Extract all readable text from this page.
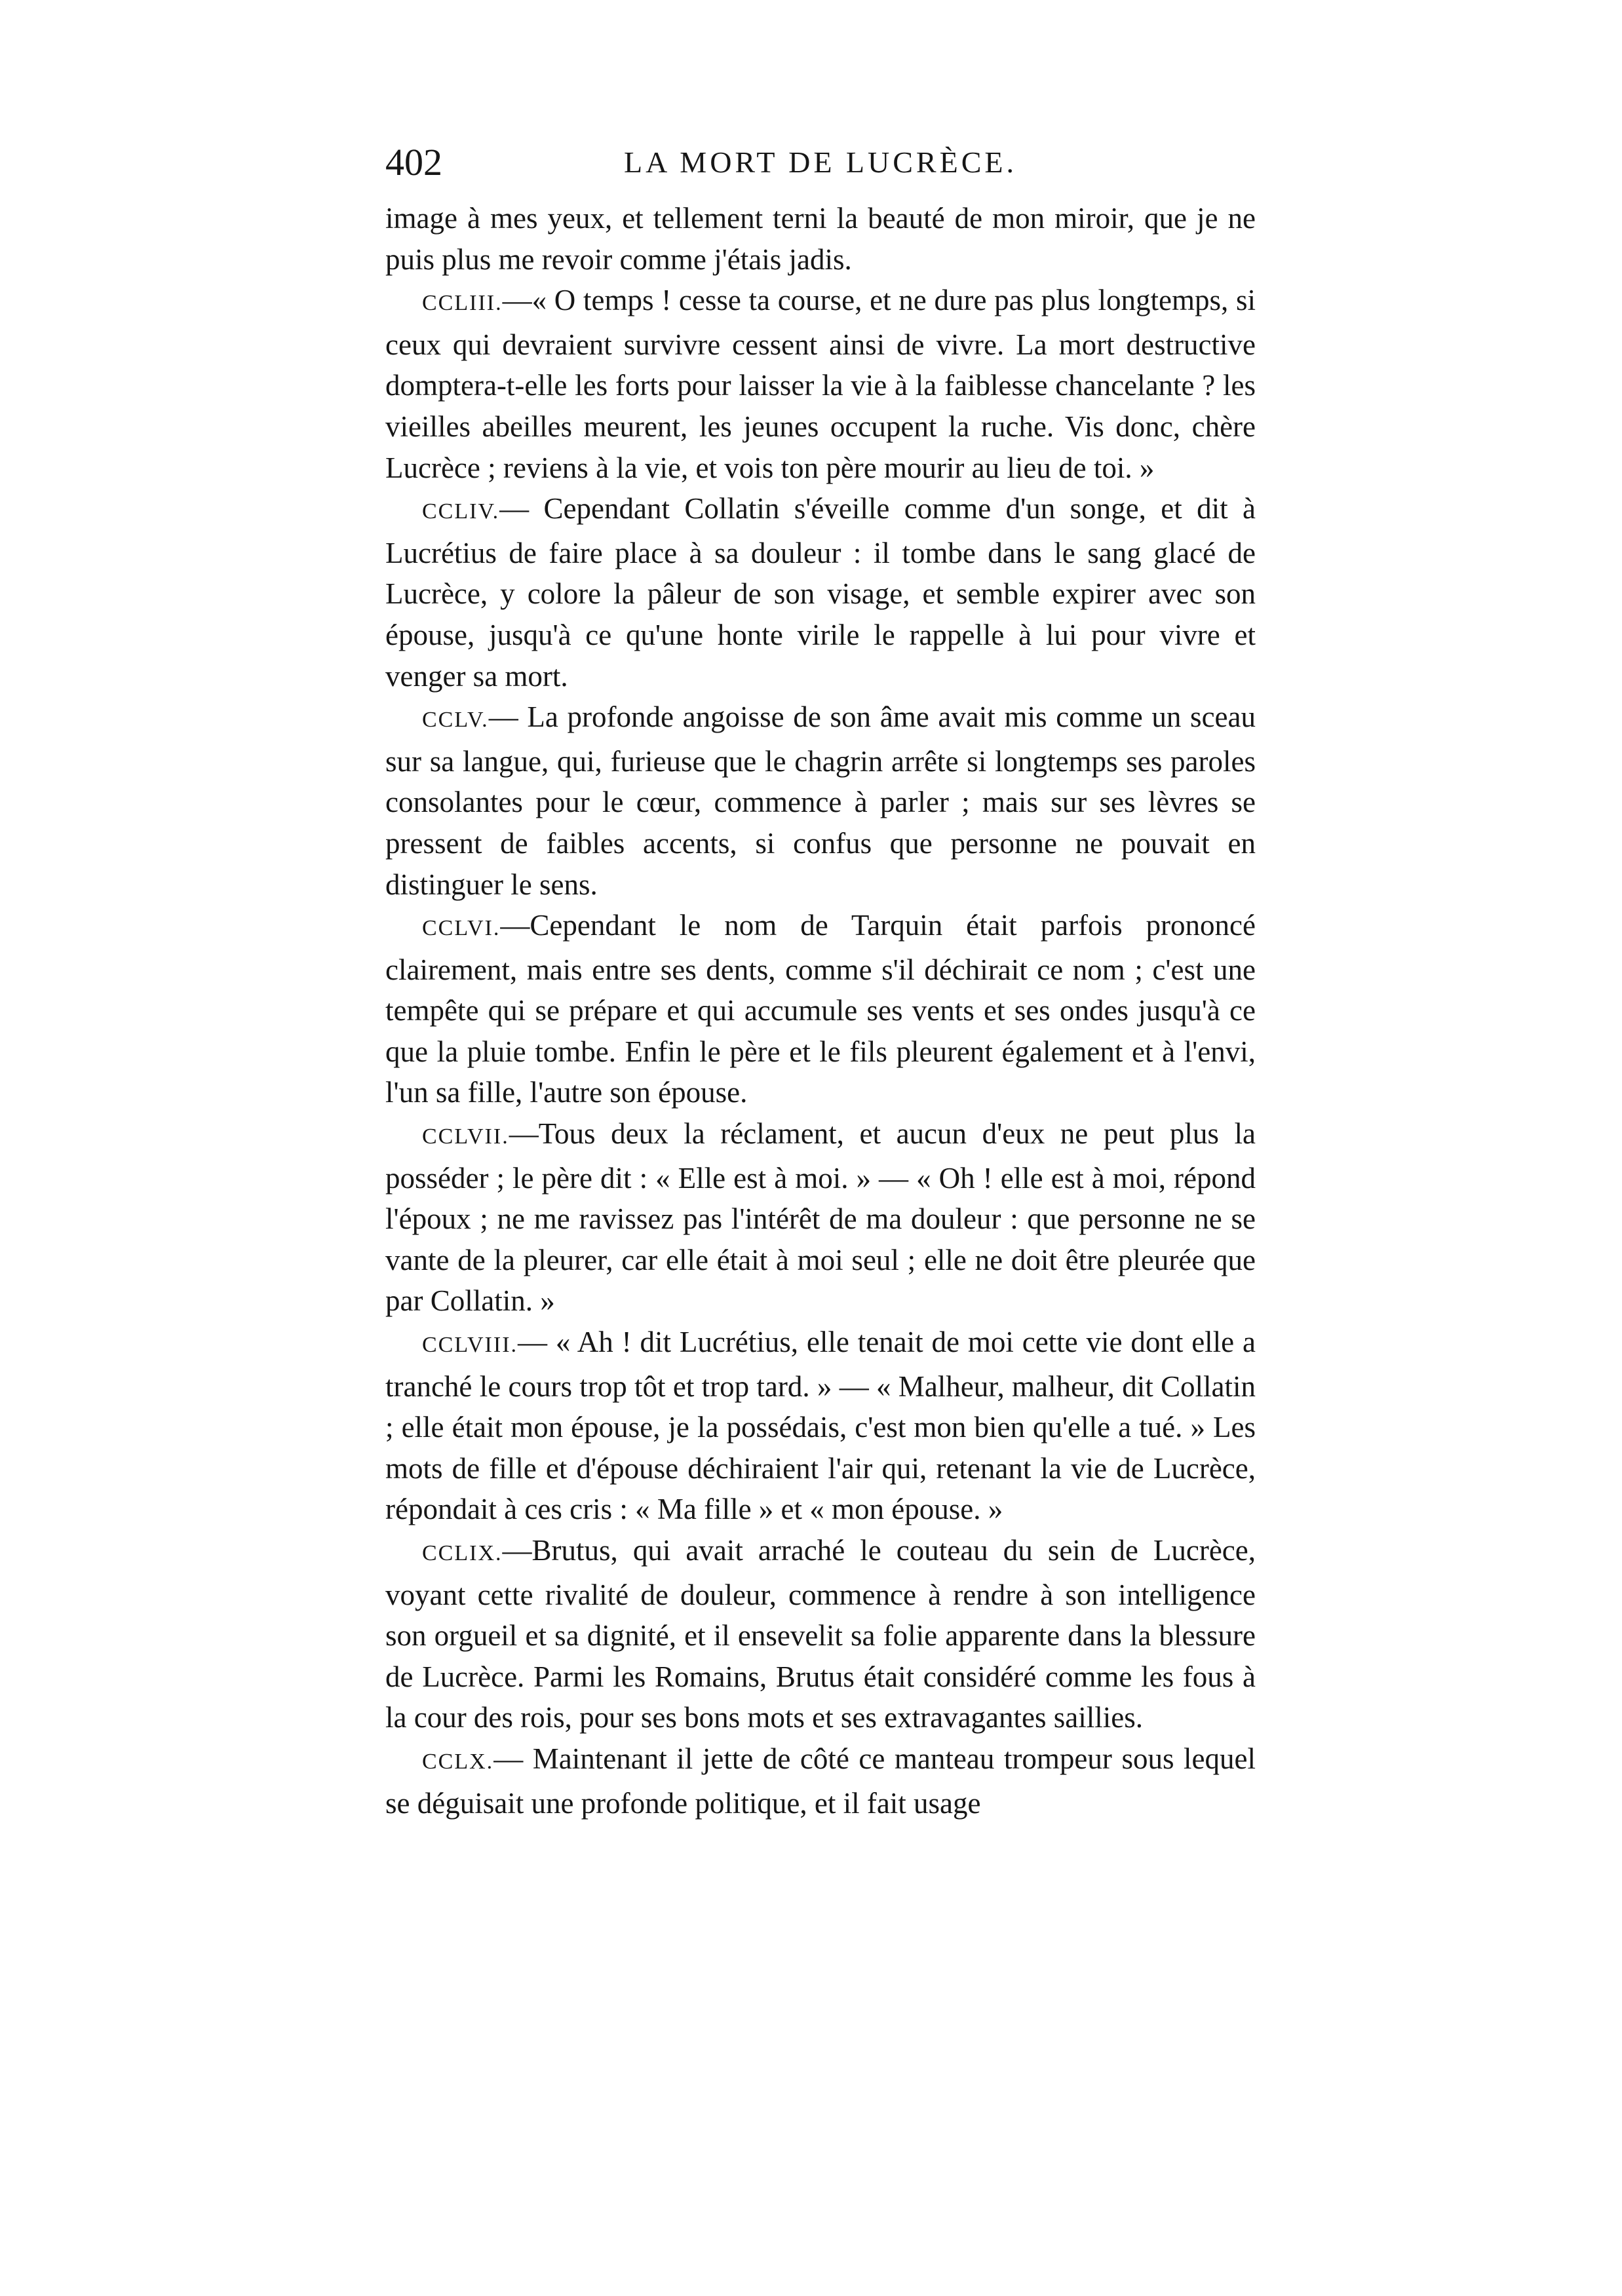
402	LA MORT DE LUCRÈCE.

image à mes yeux, et tellement terni la beauté de mon miroir, que je ne puis plus me revoir comme j'étais jadis.

CCLIII.—« O temps ! cesse ta course, et ne dure pas plus longtemps, si ceux qui devraient survivre cessent ainsi de vivre. La mort destructive domptera-t-elle les forts pour laisser la vie à la faiblesse chancelante ? les vieilles abeilles meurent, les jeunes occupent la ruche. Vis donc, chère Lucrèce ; reviens à la vie, et vois ton père mourir au lieu de toi. »

CCLIV.— Cependant Collatin s'éveille comme d'un songe, et dit à Lucrétius de faire place à sa douleur : il tombe dans le sang glacé de Lucrèce, y colore la pâleur de son visage, et semble expirer avec son épouse, jusqu'à ce qu'une honte virile le rappelle à lui pour vivre et venger sa mort.

CCLV.— La profonde angoisse de son âme avait mis comme un sceau sur sa langue, qui, furieuse que le chagrin arrête si longtemps ses paroles consolantes pour le cœur, commence à parler ; mais sur ses lèvres se pressent de faibles accents, si confus que personne ne pouvait en distinguer le sens.

CCLVI.—Cependant le nom de Tarquin était parfois prononcé clairement, mais entre ses dents, comme s'il déchirait ce nom ; c'est une tempête qui se prépare et qui accumule ses vents et ses ondes jusqu'à ce que la pluie tombe. Enfin le père et le fils pleurent également et à l'envi, l'un sa fille, l'autre son épouse.

CCLVII.—Tous deux la réclament, et aucun d'eux ne peut plus la posséder ; le père dit : « Elle est à moi. » — « Oh ! elle est à moi, répond l'époux ; ne me ravissez pas l'intérêt de ma douleur : que personne ne se vante de la pleurer, car elle était à moi seul ; elle ne doit être pleurée que par Collatin. »

CCLVIII.— « Ah ! dit Lucrétius, elle tenait de moi cette vie dont elle a tranché le cours trop tôt et trop tard. » — « Malheur, malheur, dit Collatin ; elle était mon épouse, je la possédais, c'est mon bien qu'elle a tué. » Les mots de fille et d'épouse déchiraient l'air qui, retenant la vie de Lucrèce, répondait à ces cris : « Ma fille » et « mon épouse. »

CCLIX.—Brutus, qui avait arraché le couteau du sein de Lucrèce, voyant cette rivalité de douleur, commence à rendre à son intelligence son orgueil et sa dignité, et il ensevelit sa folie apparente dans la blessure de Lucrèce. Parmi les Romains, Brutus était considéré comme les fous à la cour des rois, pour ses bons mots et ses extravagantes saillies.

CCLX.— Maintenant il jette de côté ce manteau trompeur sous lequel se déguisait une profonde politique, et il fait usage
